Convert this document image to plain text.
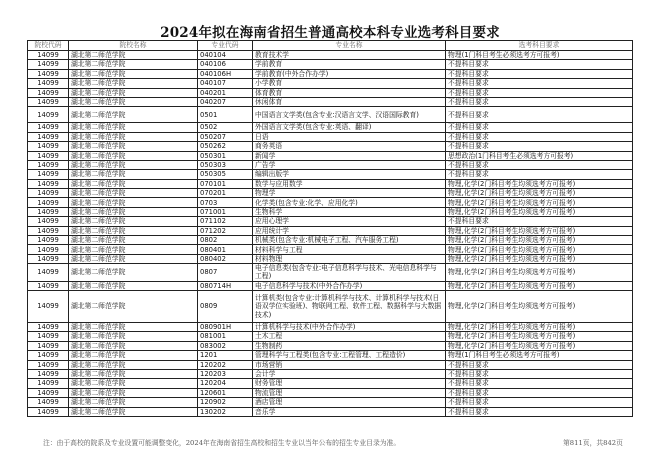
2024年拟在海南省招生普通高校本科专业选考科目要求
院校代码	院校名称	专业代码	专业名称	选考科目要求
14099	湖北第二师范学院	040104	教育技术学	物理(1门科目考生必须选考方可报考)
14099	湖北第二师范学院	040106	学前教育	不提科目要求
14099	湖北第二师范学院	040106H	学前教育(中外合作办学)	不提科目要求
14099	湖北第二师范学院	040107	小学教育	不提科目要求
14099	湖北第二师范学院	040201	体育教育	不提科目要求
14099	湖北第二师范学院	040207	休闲体育	不提科目要求
14099	湖北第二师范学院	0501	中国语言文学类(包含专业:汉语言文学、汉语国际教育)	不提科目要求
14099	湖北第二师范学院	0502	外国语言文学类(包含专业:英语、翻译)	不提科目要求
14099	湖北第二师范学院	050207	日语	不提科目要求
14099	湖北第二师范学院	050262	商务英语	不提科目要求
14099	湖北第二师范学院	050301	新闻学	思想政治(1门科目考生必须选考方可报考)
14099	湖北第二师范学院	050303	广告学	不提科目要求
14099	湖北第二师范学院	050305	编辑出版学	不提科目要求
14099	湖北第二师范学院	070101	数学与应用数学	物理,化学(2门科目考生均须选考方可报考)
14099	湖北第二师范学院	070201	物理学	物理,化学(2门科目考生均须选考方可报考)
14099	湖北第二师范学院	0703	化学类(包含专业:化学、应用化学)	物理,化学(2门科目考生均须选考方可报考)
14099	湖北第二师范学院	071001	生物科学	物理,化学(2门科目考生均须选考方可报考)
14099	湖北第二师范学院	071102	应用心理学	不提科目要求
14099	湖北第二师范学院	071202	应用统计学	物理,化学(2门科目考生均须选考方可报考)
14099	湖北第二师范学院	0802	机械类(包含专业:机械电子工程、汽车服务工程)	物理,化学(2门科目考生均须选考方可报考)
14099	湖北第二师范学院	080401	材料科学与工程	物理,化学(2门科目考生均须选考方可报考)
14099	湖北第二师范学院	080402	材料物理	物理,化学(2门科目考生均须选考方可报考)
14099	湖北第二师范学院	0807	电子信息类(包含专业:电子信息科学与技术、光电信息科学与工程)	物理,化学(2门科目考生均须选考方可报考)
14099	湖北第二师范学院	080714H	电子信息科学与技术(中外合作办学)	物理,化学(2门科目考生均须选考方可报考)
14099	湖北第二师范学院	0809	计算机类(包含专业:计算机科学与技术、计算机科学与技术(日语双学位实验班)、物联网工程、软件工程、数据科学与大数据技术)	物理,化学(2门科目考生均须选考方可报考)
14099	湖北第二师范学院	080901H	计算机科学与技术(中外合作办学)	物理,化学(2门科目考生均须选考方可报考)
14099	湖北第二师范学院	081001	土木工程	物理,化学(2门科目考生均须选考方可报考)
14099	湖北第二师范学院	083002	生物制药	物理,化学(2门科目考生均须选考方可报考)
14099	湖北第二师范学院	1201	管理科学与工程类(包含专业:工程管理、工程造价)	物理(1门科目考生必须选考方可报考)
14099	湖北第二师范学院	120202	市场营销	不提科目要求
14099	湖北第二师范学院	120203	会计学	不提科目要求
14099	湖北第二师范学院	120204	财务管理	不提科目要求
14099	湖北第二师范学院	120601	物流管理	不提科目要求
14099	湖北第二师范学院	120902	酒店管理	不提科目要求
14099	湖北第二师范学院	130202	音乐学	不提科目要求
注：由于高校的院系及专业设置可能调整变化，2024年在海南省招生高校和招生专业以当年公布的招生专业目录为准。	第811页，共842页
